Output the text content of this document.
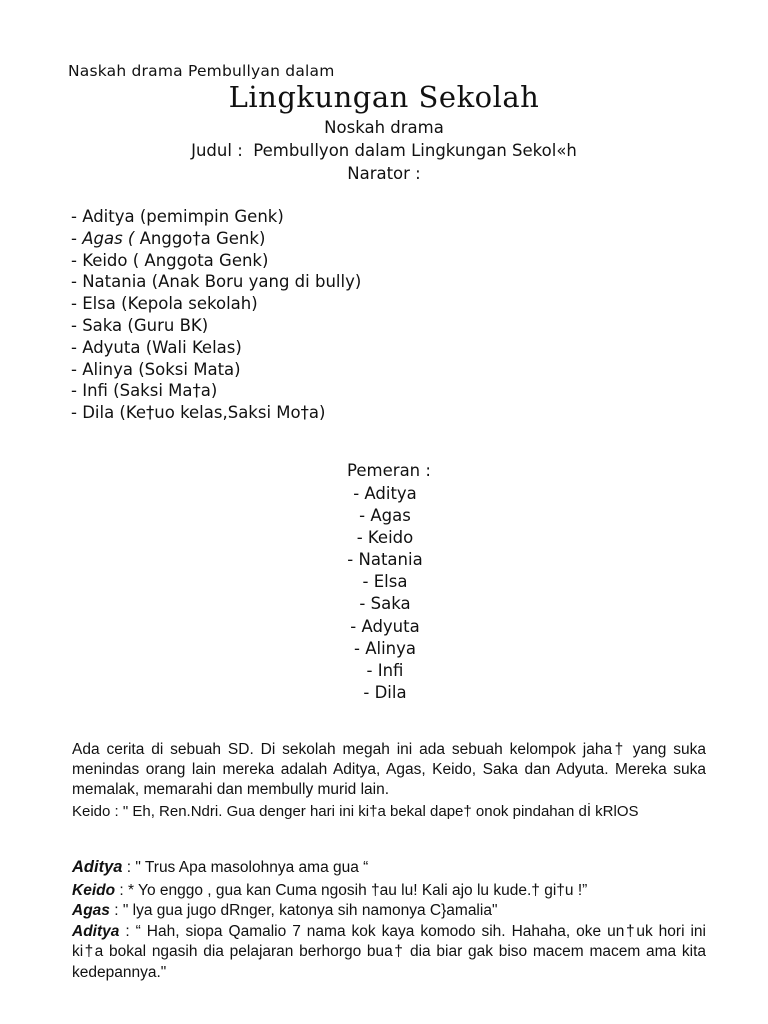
Naskah drama Pembullyan dalam
Lingkungan Sekolah
Noskah drama
Judul :  Pembullyon dalam Lingkungan Sekol«h
Narator :
- Aditya (pemimpin Genk)
- Agas ( Anggo†a Genk)
- Keido ( Anggota Genk)
- Natania (Anak Boru yang di bully)
- Elsa (Kepola sekolah)
- Saka (Guru BK)
- Adyuta (Wali Kelas)
- Alinya (Soksi Mata)
- Infi (Saksi Ma†a)
- Dila (Ke†uo kelas,Saksi Mo†a)
Pemeran :
- Aditya
- Agas
- Keido
- Natania
- Elsa
- Saka
- Adyuta
- Alinya
- Infi
- Dila
Ada cerita di sebuah SD. Di sekolah megah ini ada sebuah kelompok jaha† yang suka menindas orang lain mereka adalah Aditya, Agas, Keido, Saka dan Adyuta. Mereka suka memalak, memarahi dan membully murid lain.
Keido : " Eh, Ren.Ndri. Gua denger hari ini ki†a bekal dape† onok pindahan dİ kRlOS

Aditya : " Trus Apa masolohnya ama gua “

Keido : * Yo enggo , gua kan Cuma ngosih †au lu! Kali ajo lu kude.† gi†u !”

Agas : " lya gua jugo dRnger, katonya sih namonya C}amalia"

Aditya : “ Hah, siopa Qamalio 7 nama kok kaya komodo sih. Hahaha, oke un†uk hori ini ki†a bokal ngasih dia pelajaran berhorgo bua† dia biar gak biso macem macem ama kita kedepannya."
